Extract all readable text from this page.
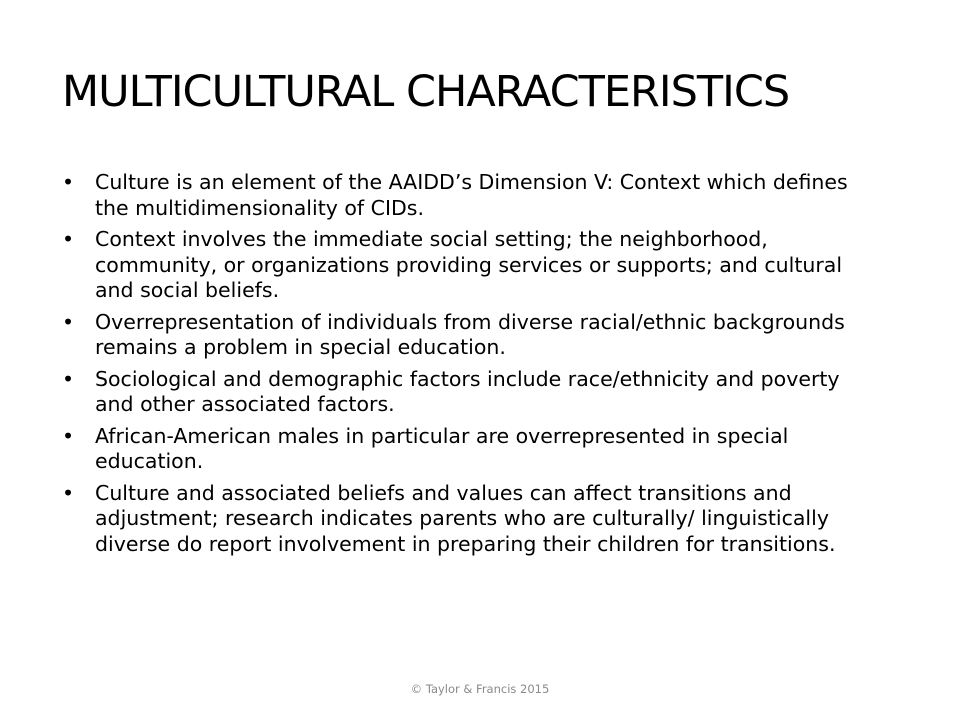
MULTICULTURAL CHARACTERISTICS
• Culture is an element of the AAIDD’s Dimension V: Context which defines the multidimensionality of CIDs.
• Context involves the immediate social setting; the neighborhood, community, or organizations providing services or supports; and cultural and social beliefs.
• Overrepresentation of individuals from diverse racial/ethnic backgrounds remains a problem in special education.
• Sociological and demographic factors include race/ethnicity and poverty and other associated factors.
• African-American males in particular are overrepresented in special education.
• Culture and associated beliefs and values can affect transitions and adjustment; research indicates parents who are culturally/ linguistically diverse do report involvement in preparing their children for transitions.
© Taylor & Francis 2015
